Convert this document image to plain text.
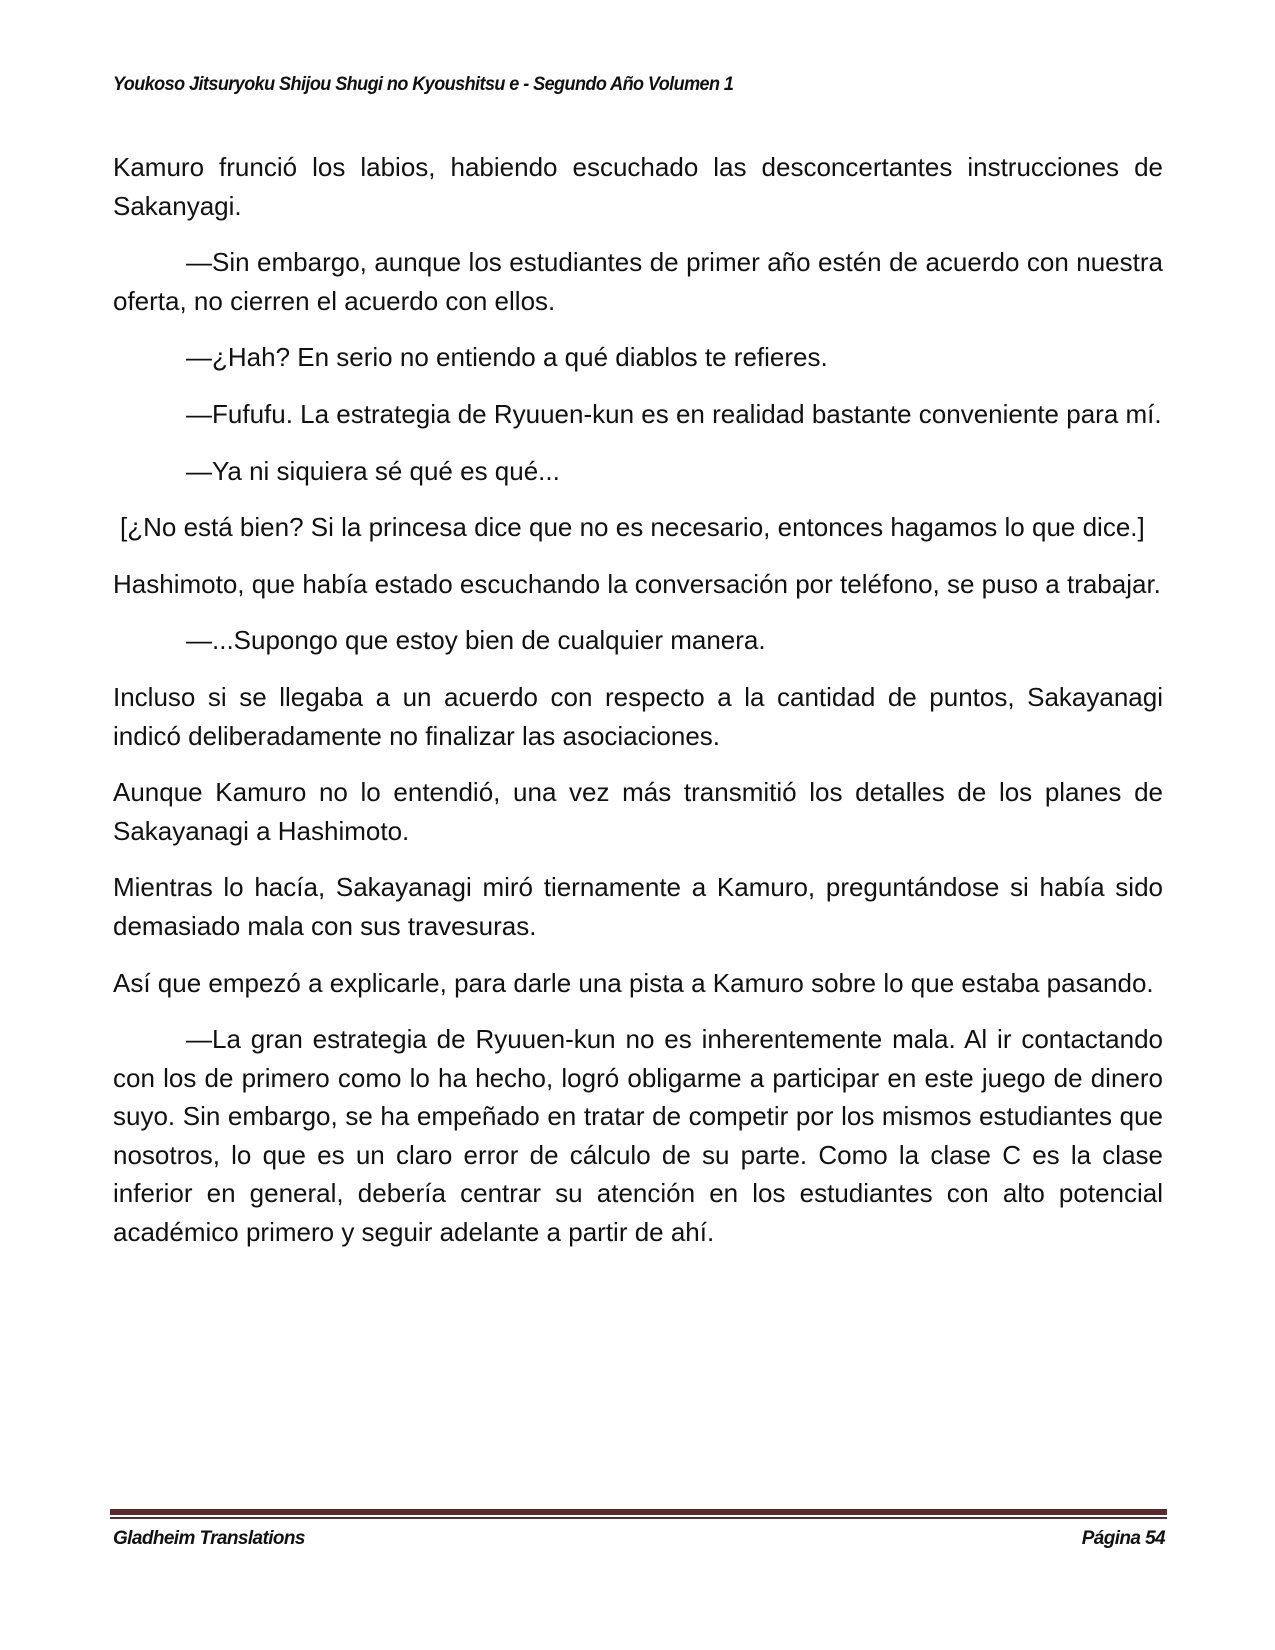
Youkoso Jitsuryoku Shijou Shugi no Kyoushitsu e - Segundo Año Volumen 1

Kamuro frunció los labios, habiendo escuchado las desconcertantes instrucciones de Sakanyagi.

—Sin embargo, aunque los estudiantes de primer año estén de acuerdo con nuestra oferta, no cierren el acuerdo con ellos.

—¿Hah? En serio no entiendo a qué diablos te refieres.

—Fufufu. La estrategia de Ryuuen-kun es en realidad bastante conveniente para mí.

—Ya ni siquiera sé qué es qué...

[¿No está bien? Si la princesa dice que no es necesario, entonces hagamos lo que dice.]

Hashimoto, que había estado escuchando la conversación por teléfono, se puso a trabajar.

—...Supongo que estoy bien de cualquier manera.

Incluso si se llegaba a un acuerdo con respecto a la cantidad de puntos, Sakayanagi indicó deliberadamente no finalizar las asociaciones.

Aunque Kamuro no lo entendió, una vez más transmitió los detalles de los planes de Sakayanagi a Hashimoto.

Mientras lo hacía, Sakayanagi miró tiernamente a Kamuro, preguntándose si había sido demasiado mala con sus travesuras.

Así que empezó a explicarle, para darle una pista a Kamuro sobre lo que estaba pasando.

—La gran estrategia de Ryuuen-kun no es inherentemente mala. Al ir contactando con los de primero como lo ha hecho, logró obligarme a participar en este juego de dinero suyo. Sin embargo, se ha empeñado en tratar de competir por los mismos estudiantes que nosotros, lo que es un claro error de cálculo de su parte. Como la clase C es la clase inferior en general, debería centrar su atención en los estudiantes con alto potencial académico primero y seguir adelante a partir de ahí.

Gladheim Translations	Página 54
